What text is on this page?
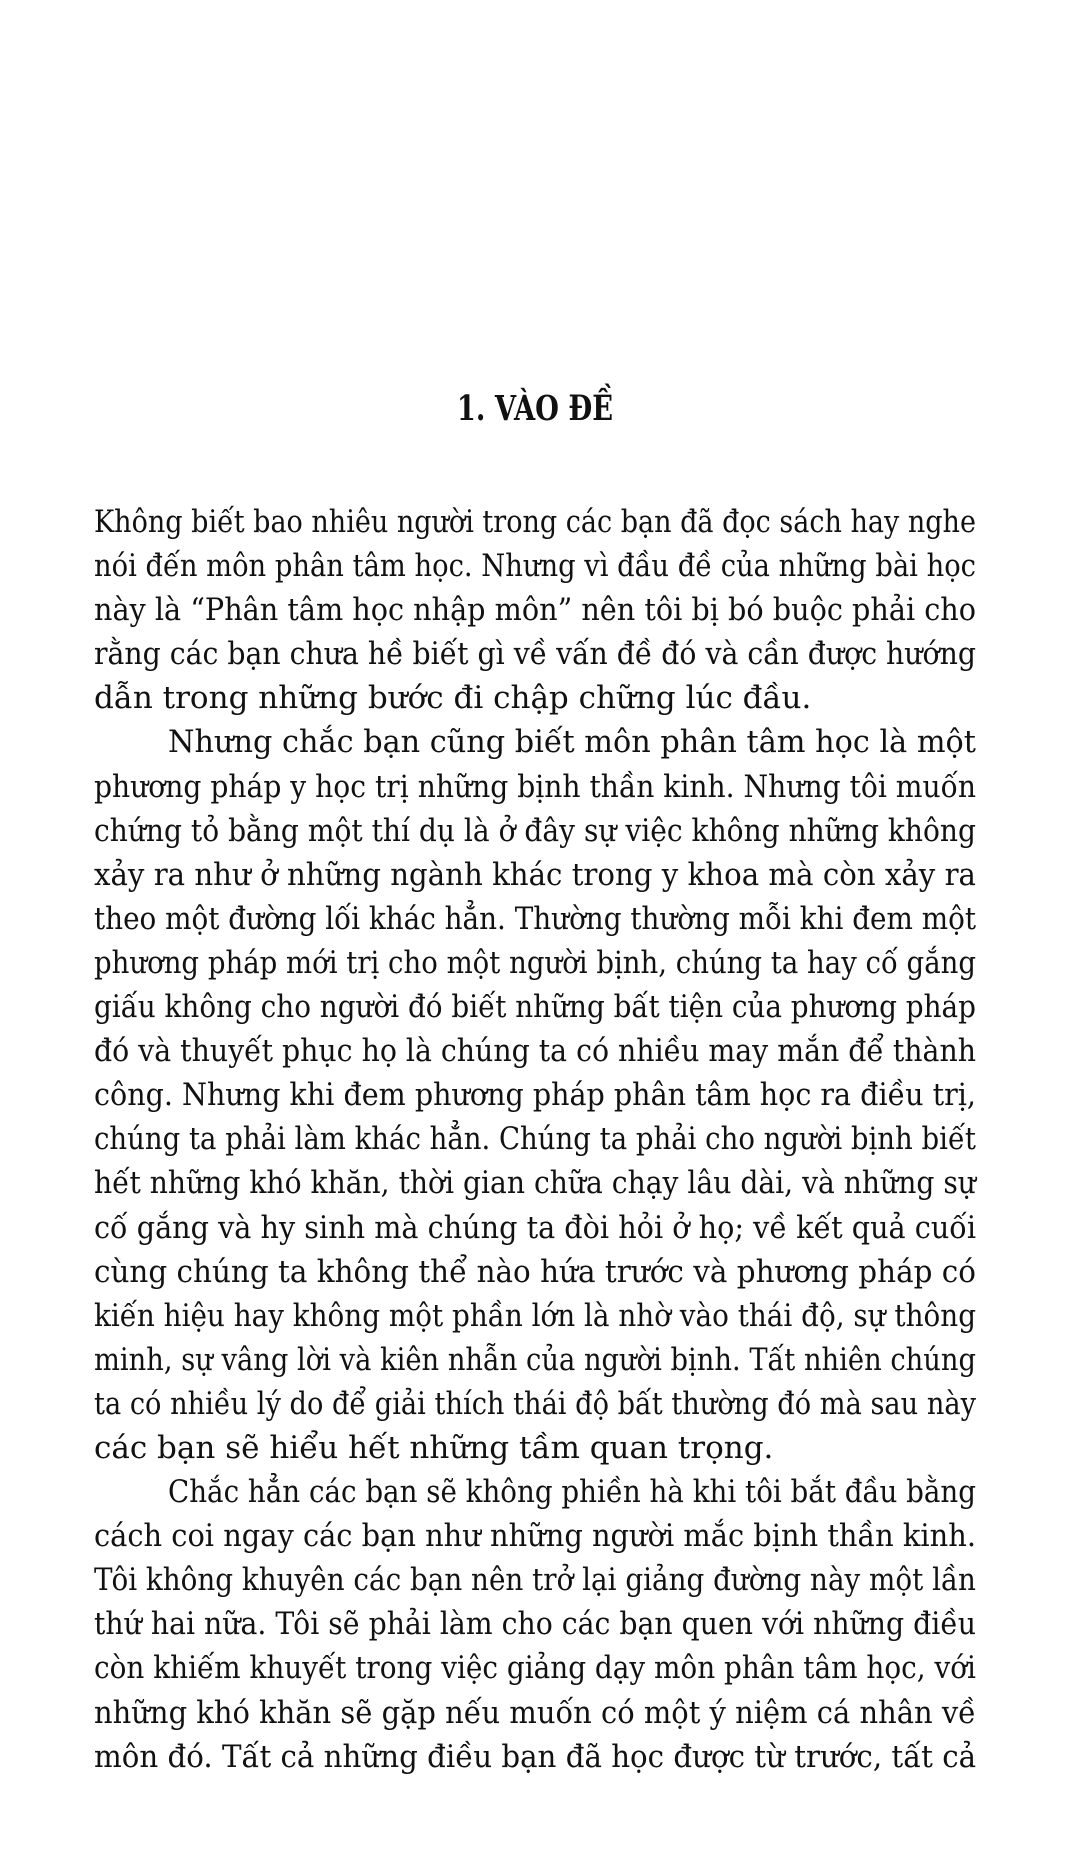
1. VÀO ĐỀ

Không biết bao nhiêu người trong các bạn đã đọc sách hay nghe
nói đến môn phân tâm học. Nhưng vì đầu đề của những bài học
này là “Phân tâm học nhập môn” nên tôi bị bó buộc phải cho
rằng các bạn chưa hề biết gì về vấn đề đó và cần được hướng
dẫn trong những bước đi chập chững lúc đầu.

Nhưng chắc bạn cũng biết môn phân tâm học là một
phương pháp y học trị những bịnh thần kinh. Nhưng tôi muốn
chứng tỏ bằng một thí dụ là ở đây sự việc không những không
xảy ra như ở những ngành khác trong y khoa mà còn xảy ra
theo một đường lối khác hẳn. Thường thường mỗi khi đem một
phương pháp mới trị cho một người bịnh, chúng ta hay cố gắng
giấu không cho người đó biết những bất tiện của phương pháp
đó và thuyết phục họ là chúng ta có nhiều may mắn để thành
công. Nhưng khi đem phương pháp phân tâm học ra điều trị,
chúng ta phải làm khác hẳn. Chúng ta phải cho người bịnh biết
hết những khó khăn, thời gian chữa chạy lâu dài, và những sự
cố gắng và hy sinh mà chúng ta đòi hỏi ở họ; về kết quả cuối
cùng chúng ta không thể nào hứa trước và phương pháp có
kiến hiệu hay không một phần lớn là nhờ vào thái độ, sự thông
minh, sự vâng lời và kiên nhẫn của người bịnh. Tất nhiên chúng
ta có nhiều lý do để giải thích thái độ bất thường đó mà sau này
các bạn sẽ hiểu hết những tầm quan trọng.

Chắc hẳn các bạn sẽ không phiền hà khi tôi bắt đầu bằng
cách coi ngay các bạn như những người mắc bịnh thần kinh.
Tôi không khuyên các bạn nên trở lại giảng đường này một lần
thứ hai nữa. Tôi sẽ phải làm cho các bạn quen với những điều
còn khiếm khuyết trong việc giảng dạy môn phân tâm học, với
những khó khăn sẽ gặp nếu muốn có một ý niệm cá nhân về
môn đó. Tất cả những điều bạn đã học được từ trước, tất cả
